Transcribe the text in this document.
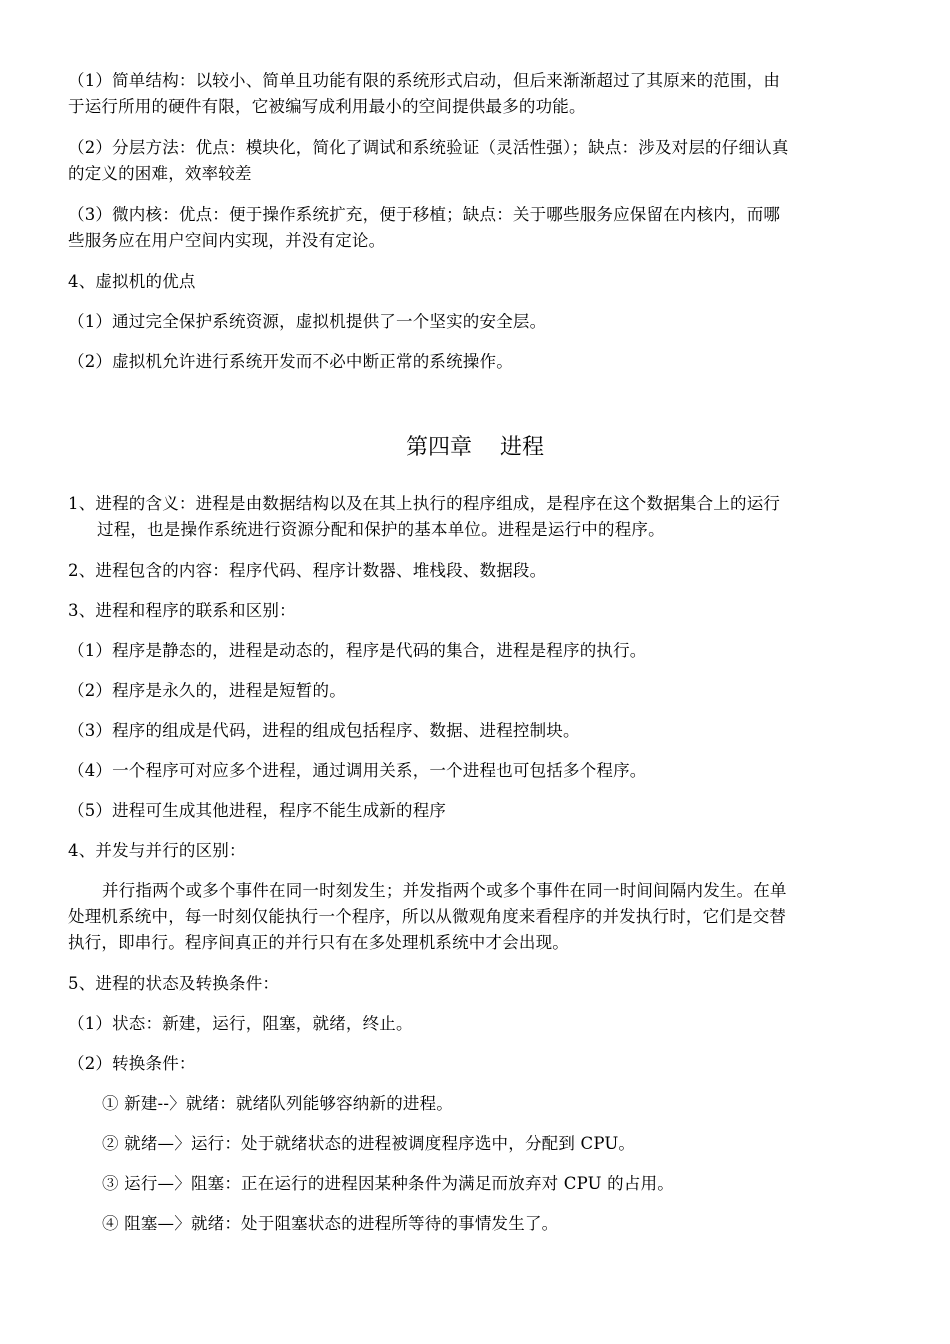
（1）简单结构：以较小、简单且功能有限的系统形式启动，但后来渐渐超过了其原来的范围，由
于运行所用的硬件有限，它被编写成利用最小的空间提供最多的功能。
（2）分层方法：优点：模块化，简化了调试和系统验证（灵活性强）；缺点：涉及对层的仔细认真
的定义的困难，效率较差
（3）微内核：优点：便于操作系统扩充，便于移植；缺点：关于哪些服务应保留在内核内，而哪
些服务应在用户空间内实现，并没有定论。
4、虚拟机的优点
（1）通过完全保护系统资源，虚拟机提供了一个坚实的安全层。
（2）虚拟机允许进行系统开发而不必中断正常的系统操作。
第四章 进程
1、进程的含义：进程是由数据结构以及在其上执行的程序组成，是程序在这个数据集合上的运行
过程，也是操作系统进行资源分配和保护的基本单位。进程是运行中的程序。
2、进程包含的内容：程序代码、程序计数器、堆栈段、数据段。
3、进程和程序的联系和区别：
（1）程序是静态的，进程是动态的，程序是代码的集合，进程是程序的执行。
（2）程序是永久的，进程是短暂的。
（3）程序的组成是代码，进程的组成包括程序、数据、进程控制块。
（4）一个程序可对应多个进程，通过调用关系，一个进程也可包括多个程序。
（5）进程可生成其他进程，程序不能生成新的程序
4、并发与并行的区别：
并行指两个或多个事件在同一时刻发生；并发指两个或多个事件在同一时间间隔内发生。在单
处理机系统中，每一时刻仅能执行一个程序，所以从微观角度来看程序的并发执行时，它们是交替
执行，即串行。程序间真正的并行只有在多处理机系统中才会出现。
5、进程的状态及转换条件：
（1）状态：新建，运行，阻塞，就绪，终止。
（2）转换条件：
① 新建--〉就绪：就绪队列能够容纳新的进程。
② 就绪—〉运行：处于就绪状态的进程被调度程序选中，分配到 CPU。
③ 运行—〉阻塞：正在运行的进程因某种条件为满足而放弃对 CPU 的占用。
④ 阻塞—〉就绪：处于阻塞状态的进程所等待的事情发生了。
